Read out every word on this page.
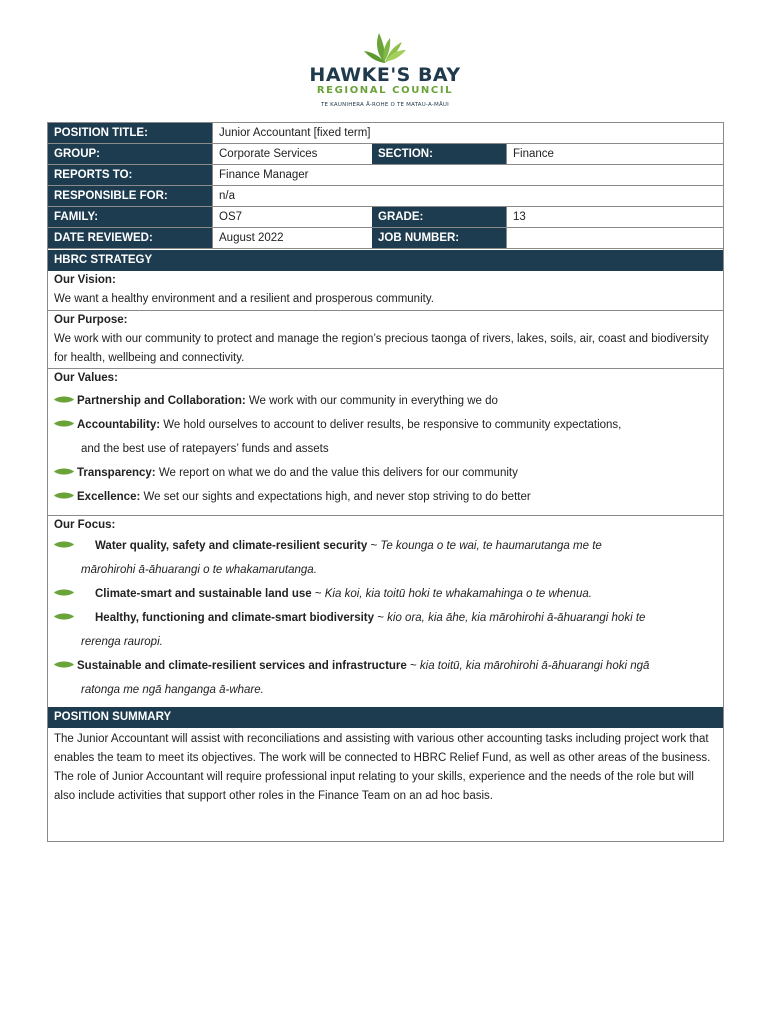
HAWKE'S BAY
REGIONAL COUNCIL
TE KAUNIHERA Ā-ROHE O TE MATAU-A-MĀUI
POSITION TITLE:	Junior Accountant [fixed term]
GROUP:	Corporate Services	SECTION:	Finance
REPORTS TO:	Finance Manager
RESPONSIBLE FOR:	n/a
FAMILY:	OS7	GRADE:	13
DATE REVIEWED:	August 2022	JOB NUMBER:
HBRC STRATEGY
Our Vision:
We want a healthy environment and a resilient and prosperous community.
Our Purpose:
We work with our community to protect and manage the region’s precious taonga of rivers, lakes, soils, air, coast and biodiversity for health, wellbeing and connectivity.
Our Values:
Partnership and Collaboration: We work with our community in everything we do
Accountability: We hold ourselves to account to deliver results, be responsive to community expectations,
and the best use of ratepayers’ funds and assets
Transparency: We report on what we do and the value this delivers for our community
Excellence: We set our sights and expectations high, and never stop striving to do better
Our Focus:
Water quality, safety and climate-resilient security ~ Te kounga o te wai, te haumarutanga me te
mārohirohi ā-āhuarangi o te whakamarutanga.
Climate-smart and sustainable land use ~ Kia koi, kia toitū hoki te whakamahinga o te whenua.
Healthy, functioning and climate-smart biodiversity ~ kio ora, kia āhe, kia mārohirohi ā-āhuarangi hoki te
rerenga rauropi.
Sustainable and climate-resilient services and infrastructure ~ kia toitū, kia mārohirohi ā-āhuarangi hoki ngā
ratonga me ngā hanganga ā-whare.
POSITION SUMMARY
The Junior Accountant will assist with reconciliations and assisting with various other accounting tasks including project work that enables the team to meet its objectives. The work will be connected to HBRC Relief Fund, as well as other areas of the business. The role of Junior Accountant will require professional input relating to your skills, experience and the needs of the role but will also include activities that support other roles in the Finance Team on an ad hoc basis.
